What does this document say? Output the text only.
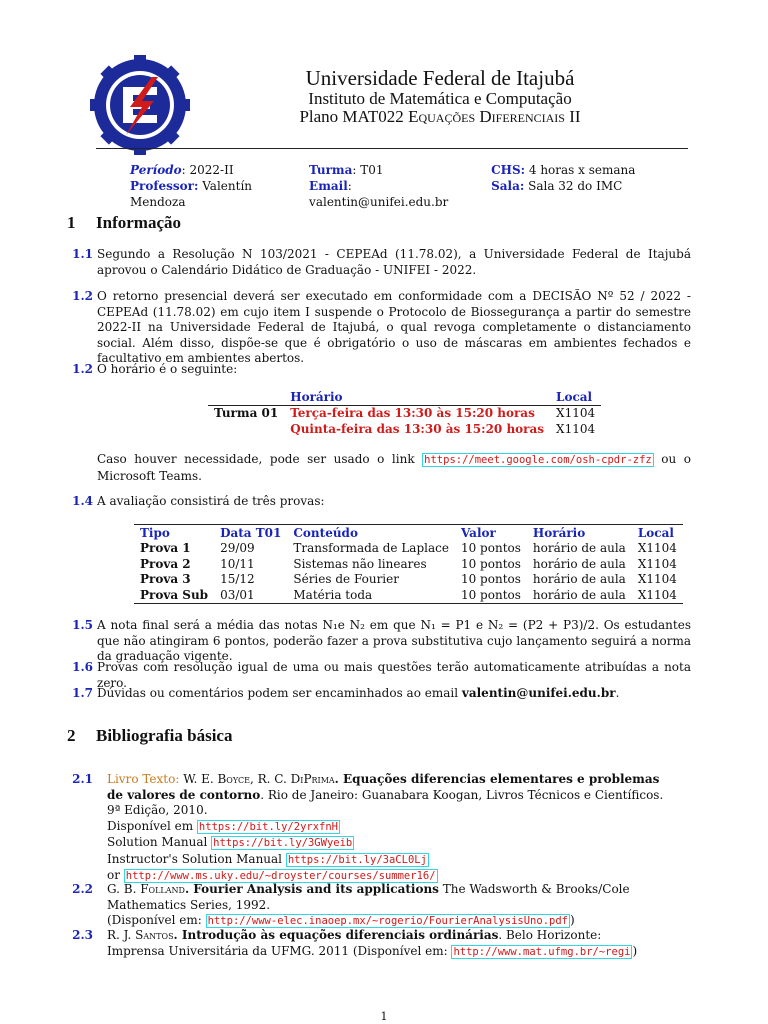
Universidade Federal de Itajubá
Instituto de Matemática e Computação
Plano MAT022 Equações Diferenciais II
Período: 2022-II	Turma: T01	CHS: 4 horas x semana
Professor: Valentín Mendoza
Email: valentin@unifei.edu.br
Sala: Sala 32 do IMC
1 Informação
1.1 Segundo a Resolução N 103/2021 - CEPEAd (11.78.02), a Universidade Federal de Itajubá aprovou o Calendário Didático de Graduação - UNIFEI - 2022.
1.2 O retorno presencial deverá ser executado em conformidade com a DECISÃO Nº 52 / 2022 - CEPEAd (11.78.02) em cujo item I suspende o Protocolo de Biossegurança a partir do semestre 2022-II na Universidade Federal de Itajubá, o qual revoga completamente o distanciamento social. Além disso, dispõe-se que é obrigatório o uso de máscaras em ambientes fechados e facultativo em ambientes abertos.
1.2 O horário é o seguinte:
	Horário	Local
Turma 01	Terça-feira das 13:30 às 15:20 horas	X1104
	Quinta-feira das 13:30 às 15:20 horas	X1104
Caso houver necessidade, pode ser usado o link https://meet.google.com/osh-cpdr-zfz ou o Microsoft Teams.
1.4 A avaliação consistirá de três provas:
Tipo	Data T01	Conteúdo	Valor	Horário	Local
Prova 1	29/09	Transformada de Laplace	10 pontos	horário de aula	X1104
Prova 2	10/11	Sistemas não lineares	10 pontos	horário de aula	X1104
Prova 3	15/12	Séries de Fourier	10 pontos	horário de aula	X1104
Prova Sub	03/01	Matéria toda	10 pontos	horário de aula	X1104
1.5 A nota final será a média das notas N₁e N₂ em que N₁ = P1 e N₂ = (P2 + P3)/2. Os estudantes que não atingiram 6 pontos, poderão fazer a prova substitutiva cujo lançamento seguirá a norma da graduação vigente.
1.6 Provas com resolução igual de uma ou mais questões terão automaticamente atribuídas a nota zero.
1.7 Dúvidas ou comentários podem ser encaminhados ao email valentin@unifei.edu.br.
2 Bibliografia básica
2.1 Livro Texto: W. E. Boyce, R. C. DiPrima. Equações diferencias elementares e problemas de valores de contorno. Rio de Janeiro: Guanabara Koogan, Livros Técnicos e Científicos. 9ª Edição, 2010.
Disponível em https://bit.ly/2yrxfnH
Solution Manual https://bit.ly/3GWyeib
Instructor's Solution Manual https://bit.ly/3aCL0Lj
or http://www.ms.uky.edu/~droyster/courses/summer16/
2.2 G. B. Folland. Fourier Analysis and its applications The Wadsworth & Brooks/Cole Mathematics Series, 1992.
(Disponível em: http://www-elec.inaoep.mx/~rogerio/FourierAnalysisUno.pdf )
2.3 R. J. Santos. Introdução às equações diferenciais ordinárias. Belo Horizonte:
Imprensa Universitária da UFMG. 2011 (Disponível em: http://www.mat.ufmg.br/~regi )
1
